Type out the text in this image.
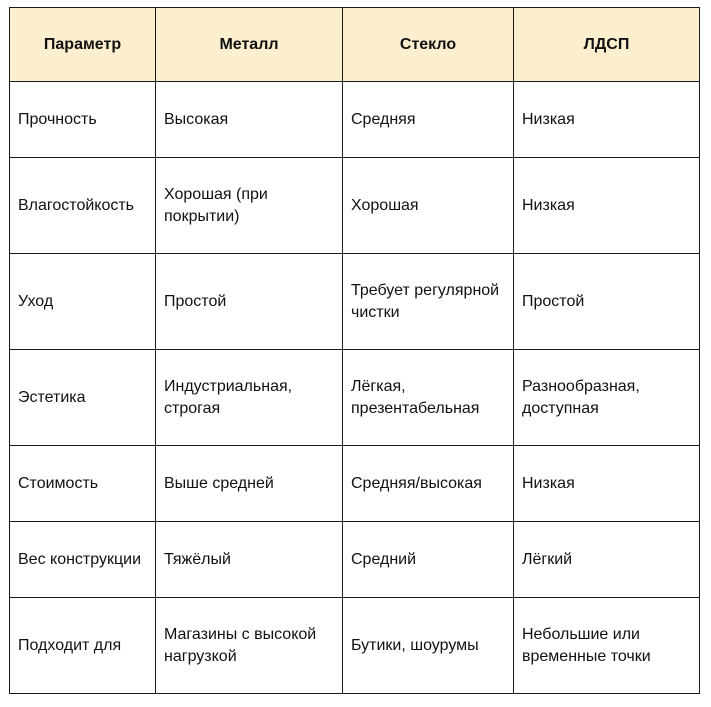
Параметр	Металл	Стекло	ЛДСП
Прочность	Высокая	Средняя	Низкая
Влагостойкость	Хорошая (при покрытии)	Хорошая	Низкая
Уход	Простой	Требует регулярной чистки	Простой
Эстетика	Индустриальная, строгая	Лёгкая, презентабельная	Разнообразная, доступная
Стоимость	Выше средней	Средняя/высокая	Низкая
Вес конструкции	Тяжёлый	Средний	Лёгкий
Подходит для	Магазины с высокой нагрузкой	Бутики, шоурумы	Небольшие или временные точки
